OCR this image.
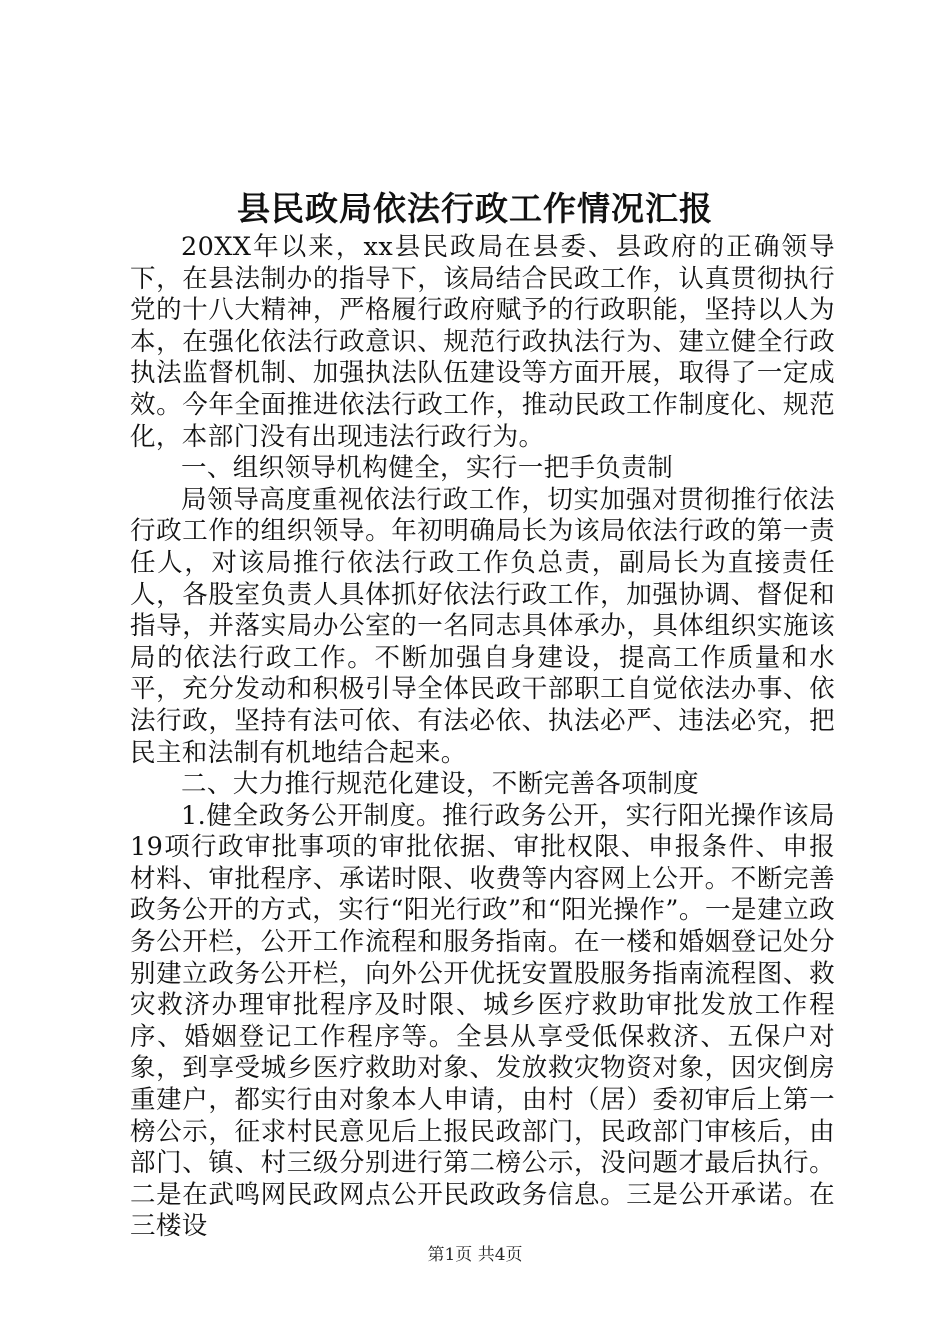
县民政局依法行政工作情况汇报

20XX年以来，xx县民政局在县委、县政府的正确领导下，在县法制办的指导下，该局结合民政工作，认真贯彻执行党的十八大精神，严格履行政府赋予的行政职能，坚持以人为本，在强化依法行政意识、规范行政执法行为、建立健全行政执法监督机制、加强执法队伍建设等方面开展，取得了一定成效。今年全面推进依法行政工作，推动民政工作制度化、规范化，本部门没有出现违法行政行为。

一、组织领导机构健全，实行一把手负责制

局领导高度重视依法行政工作，切实加强对贯彻推行依法行政工作的组织领导。年初明确局长为该局依法行政的第一责任人，对该局推行依法行政工作负总责，副局长为直接责任人，各股室负责人具体抓好依法行政工作，加强协调、督促和指导，并落实局办公室的一名同志具体承办，具体组织实施该局的依法行政工作。不断加强自身建设，提高工作质量和水平，充分发动和积极引导全体民政干部职工自觉依法办事、依法行政，坚持有法可依、有法必依、执法必严、违法必究，把民主和法制有机地结合起来。

二、大力推行规范化建设，不断完善各项制度

1.健全政务公开制度。推行政务公开，实行阳光操作该局19项行政审批事项的审批依据、审批权限、申报条件、申报材料、审批程序、承诺时限、收费等内容网上公开。不断完善政务公开的方式，实行“阳光行政”和“阳光操作”。一是建立政务公开栏，公开工作流程和服务指南。在一楼和婚姻登记处分别建立政务公开栏，向外公开优抚安置股服务指南流程图、救灾救济办理审批程序及时限、城乡医疗救助审批发放工作程序、婚姻登记工作程序等。全县从享受低保救济、五保户对象，到享受城乡医疗救助对象、发放救灾物资对象，因灾倒房重建户，都实行由对象本人申请，由村（居）委初审后上第一榜公示，征求村民意见后上报民政部门，民政部门审核后，由部门、镇、村三级分别进行第二榜公示，没问题才最后执行。二是在武鸣网民政网点公开民政政务信息。三是公开承诺。在三楼设

第1页 共4页
